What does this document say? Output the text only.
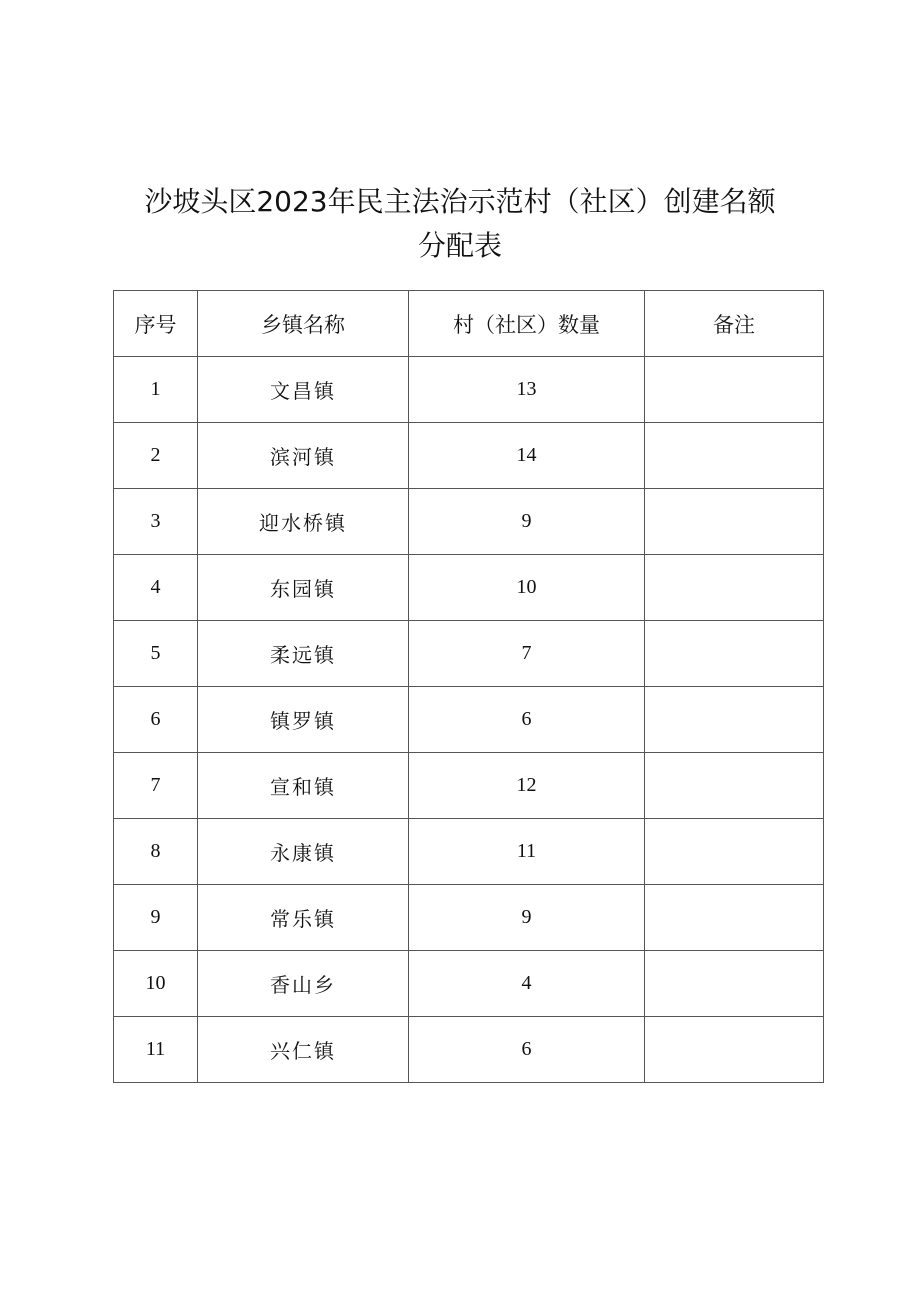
沙坡头区2023年民主法治示范村（社区）创建名额
分配表
序号	乡镇名称	村（社区）数量	备注
1	文昌镇	13	
2	滨河镇	14	
3	迎水桥镇	9	
4	东园镇	10	
5	柔远镇	7	
6	镇罗镇	6	
7	宣和镇	12	
8	永康镇	11	
9	常乐镇	9	
10	香山乡	4	
11	兴仁镇	6	
